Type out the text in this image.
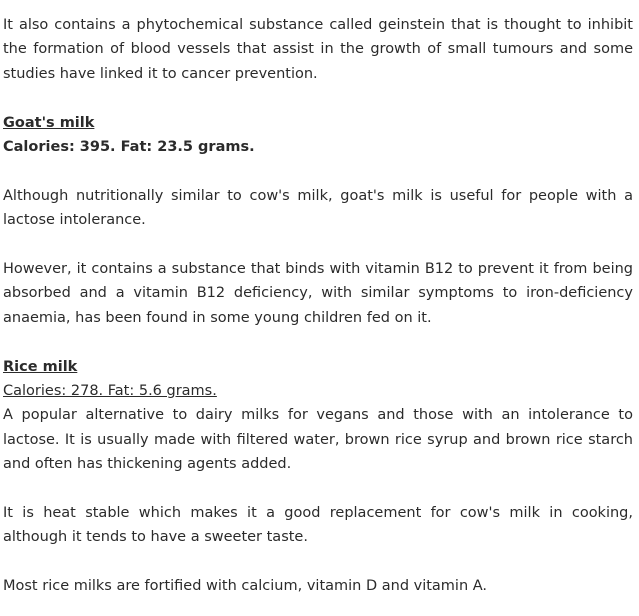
It also contains a phytochemical substance called geinstein that is thought to inhibit the formation of blood vessels that assist in the growth of small tumours and some studies have linked it to cancer prevention.

Goat's milk
Calories: 395. Fat: 23.5 grams.

Although nutritionally similar to cow's milk, goat's milk is useful for people with a lactose intolerance.

However, it contains a substance that binds with vitamin B12 to prevent it from being absorbed and a vitamin B12 deficiency, with similar symptoms to iron-deficiency anaemia, has been found in some young children fed on it.

Rice milk
Calories: 278. Fat: 5.6 grams.
A popular alternative to dairy milks for vegans and those with an intolerance to lactose. It is usually made with filtered water, brown rice syrup and brown rice starch and often has thickening agents added.

It is heat stable which makes it a good replacement for cow's milk in cooking, although it tends to have a sweeter taste.

Most rice milks are fortified with calcium, vitamin D and vitamin A.
